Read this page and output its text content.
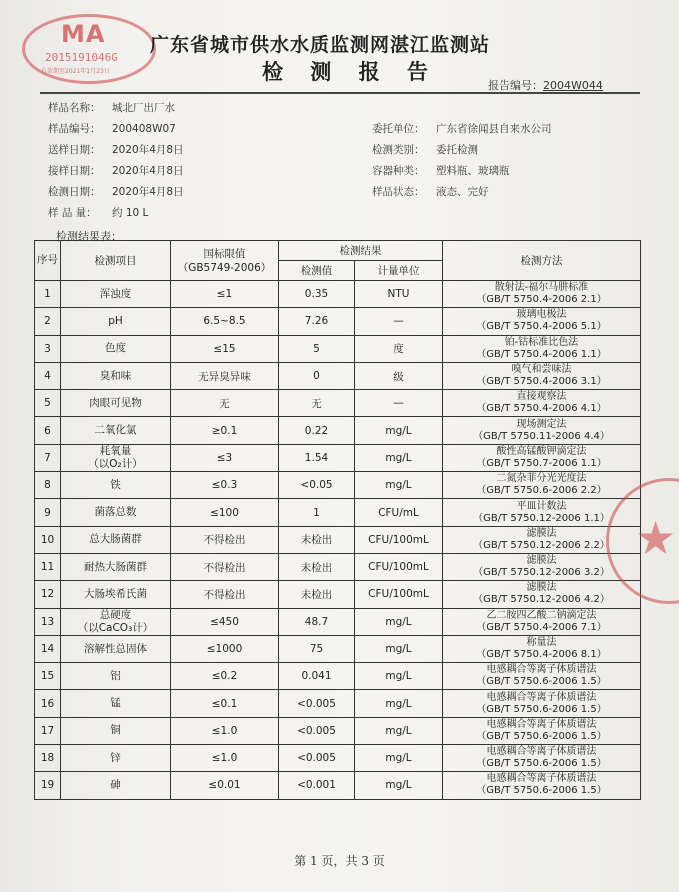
MA
2015191046G
有效期至2021年1月23日
广东省城市供水水质监测网湛江监测站
检 测 报 告
报告编号：2004W044
样品名称： 城北厂出厂水
样品编号： 200408W07
送样日期： 2020年4月8日
接样日期： 2020年4月8日
检测日期： 2020年4月8日
样 品 量： 约 10 L
委托单位： 广东省徐闻县自来水公司
检测类别： 委托检测
容器种类： 塑料瓶、玻璃瓶
样品状态： 液态、完好
检测结果表：
序号	检测项目	国标限值
（GB5749-2006）	检测结果		检测方法
			检测值	计量单位	
1	浑浊度	≤1	0.35	NTU	散射法-福尔马肼标准
（GB/T 5750.4-2006 2.1）
2	pH	6.5~8.5	7.26	—	玻璃电极法
（GB/T 5750.4-2006 5.1）
3	色度	≤15	5	度	铂-钴标准比色法
（GB/T 5750.4-2006 1.1）
4	臭和味	无异臭异味	0	级	嗅气和尝味法
（GB/T 5750.4-2006 3.1）
5	肉眼可见物	无	无	—	直接观察法
（GB/T 5750.4-2006 4.1）
6	二氧化氯	≥0.1	0.22	mg/L	现场测定法
（GB/T 5750.11-2006 4.4）
7	耗氧量
（以O₂计）	≤3	1.54	mg/L	酸性高锰酸钾滴定法
（GB/T 5750.7-2006 1.1）
8	铁	≤0.3	<0.05	mg/L	二氮杂菲分光光度法
（GB/T 5750.6-2006 2.2）
9	菌落总数	≤100	1	CFU/mL	平皿计数法
（GB/T 5750.12-2006 1.1）
10	总大肠菌群	不得检出	未检出	CFU/100mL	滤膜法
（GB/T 5750.12-2006 2.2）
11	耐热大肠菌群	不得检出	未检出	CFU/100mL	滤膜法
（GB/T 5750.12-2006 3.2）
12	大肠埃希氏菌	不得检出	未检出	CFU/100mL	滤膜法
（GB/T 5750.12-2006 4.2）
13	总硬度
（以CaCO₃计）	≤450	48.7	mg/L	乙二胺四乙酸二钠滴定法
（GB/T 5750.4-2006 7.1）
14	溶解性总固体	≤1000	75	mg/L	称量法
（GB/T 5750.4-2006 8.1）
15	铝	≤0.2	0.041	mg/L	电感耦合等离子体质谱法
（GB/T 5750.6-2006 1.5）
16	锰	≤0.1	<0.005	mg/L	电感耦合等离子体质谱法
（GB/T 5750.6-2006 1.5）
17	铜	≤1.0	<0.005	mg/L	电感耦合等离子体质谱法
（GB/T 5750.6-2006 1.5）
18	锌	≤1.0	<0.005	mg/L	电感耦合等离子体质谱法
（GB/T 5750.6-2006 1.5）
19	砷	≤0.01	<0.001	mg/L	电感耦合等离子体质谱法
（GB/T 5750.6-2006 1.5）
★
第 1 页，共 3 页
